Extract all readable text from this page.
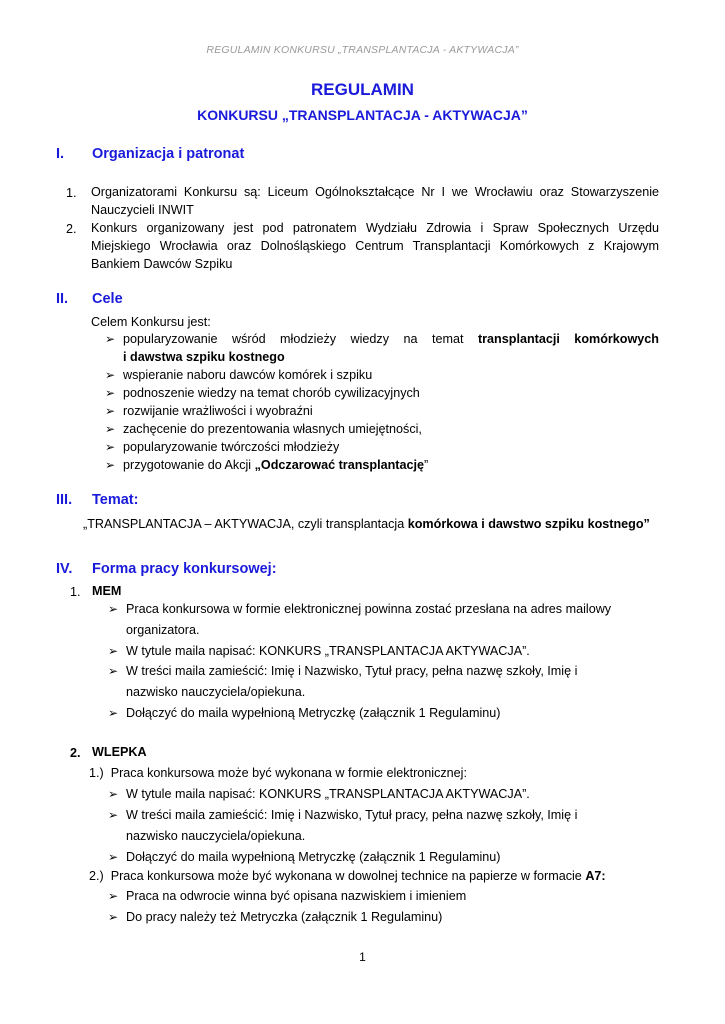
REGULAMIN KONKURSU „TRANSPLANTACJA - AKTYWACJA”
REGULAMIN
KONKURSU „TRANSPLANTACJA - AKTYWACJA”
I. Organizacja i patronat
1. Organizatorami Konkursu są: Liceum Ogólnokształcące Nr I we Wrocławiu oraz Stowarzyszenie
Nauczycieli INWIT
2. Konkurs organizowany jest pod patronatem Wydziału Zdrowia i Spraw Społecznych Urzędu
Miejskiego Wrocławia oraz Dolnośląskiego Centrum Transplantacji Komórkowych z Krajowym
Bankiem Dawców Szpiku
II. Cele
Celem Konkursu jest:
➢ popularyzowanie wśród młodzieży wiedzy na temat transplantacji komórkowych
i dawstwa szpiku kostnego
➢ wspieranie naboru dawców komórek i szpiku
➢ podnoszenie wiedzy na temat chorób cywilizacyjnych
➢ rozwijanie wrażliwości i wyobraźni
➢ zachęcenie do prezentowania własnych umiejętności,
➢ popularyzowanie twórczości młodzieży
➢ przygotowanie do Akcji „Odczarować transplantację”
III. Temat:
„TRANSPLANTACJA – AKTYWACJA, czyli transplantacja komórkowa i dawstwo szpiku kostnego”
IV. Forma pracy konkursowej:
1. MEM
➢ Praca konkursowa w formie elektronicznej powinna zostać przesłana na adres mailowy
organizatora.
➢ W tytule maila napisać: KONKURS „TRANSPLANTACJA AKTYWACJA”.
➢ W treści maila zamieścić: Imię i Nazwisko, Tytuł pracy, pełna nazwę szkoły, Imię i
nazwisko nauczyciela/opiekuna.
➢ Dołączyć do maila wypełnioną Metryczkę (załącznik 1 Regulaminu)
2. WLEPKA
1.) Praca konkursowa może być wykonana w formie elektronicznej:
➢ W tytule maila napisać: KONKURS „TRANSPLANTACJA AKTYWACJA”.
➢ W treści maila zamieścić: Imię i Nazwisko, Tytuł pracy, pełna nazwę szkoły, Imię i
nazwisko nauczyciela/opiekuna.
➢ Dołączyć do maila wypełnioną Metryczkę (załącznik 1 Regulaminu)
2.) Praca konkursowa może być wykonana w dowolnej technice na papierze w formacie A7:
➢ Praca na odwrocie winna być opisana nazwiskiem i imieniem
➢ Do pracy należy też Metryczka (załącznik 1 Regulaminu)
1
